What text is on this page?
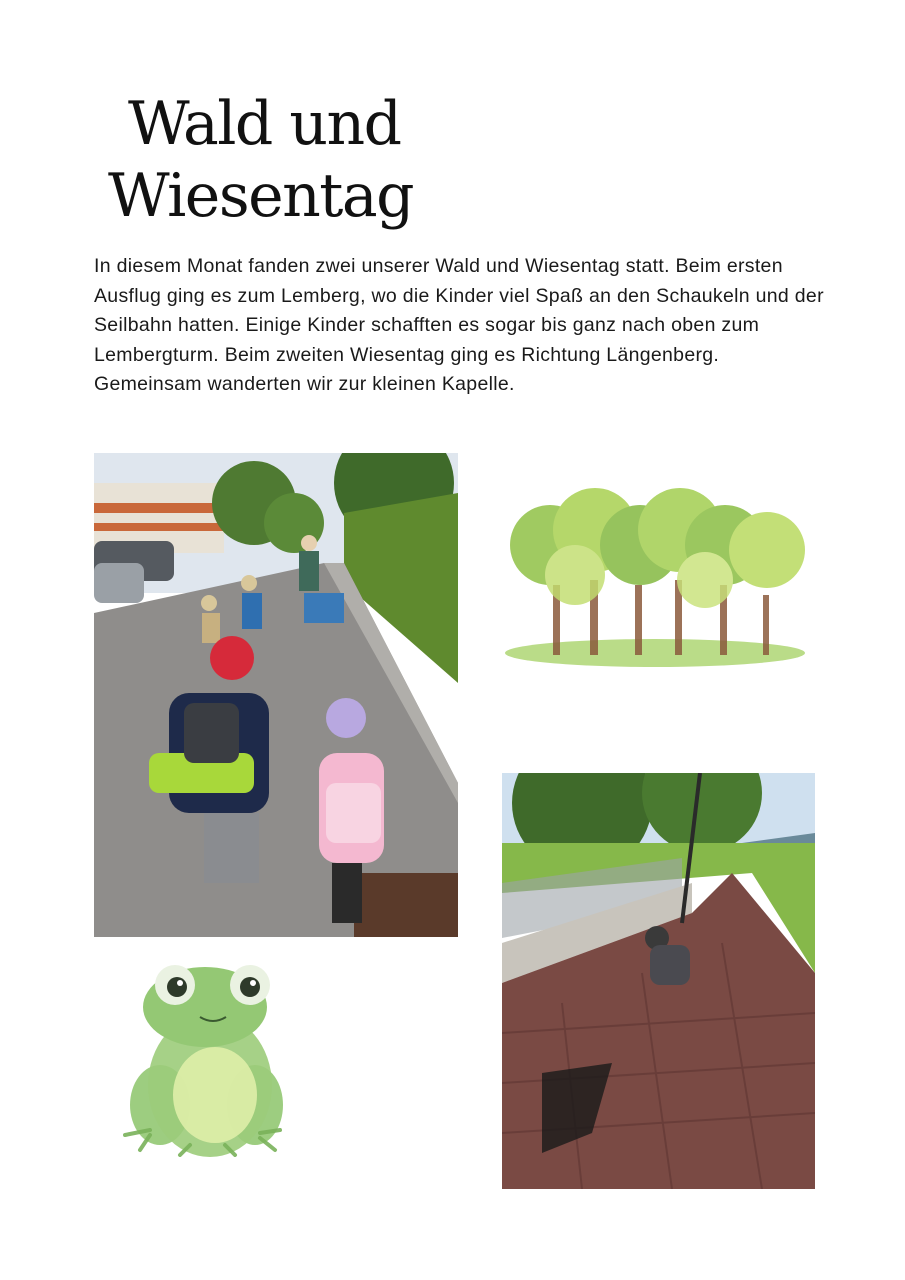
Wald und
Wiesentag

In diesem Monat fanden zwei unserer Wald und Wiesentag statt. Beim ersten Ausflug ging es zum Lemberg, wo die Kinder viel Spaß an den Schaukeln und der Seilbahn hatten. Einige Kinder schafften es sogar bis ganz nach oben zum Lembergturm. Beim zweiten Wiesentag ging es Richtung Längenberg. Gemeinsam wanderten wir zur kleinen Kapelle.
